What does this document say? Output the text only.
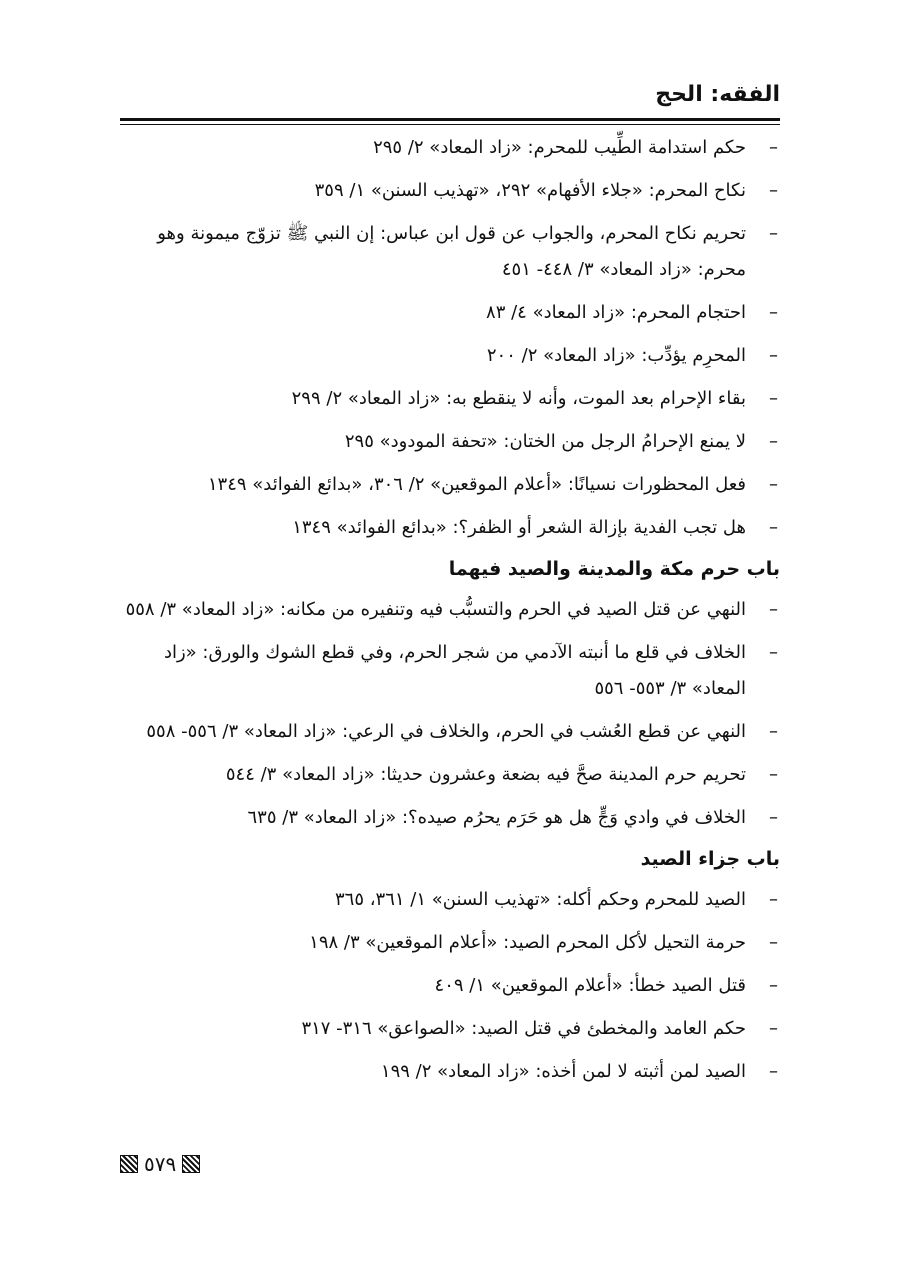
الفقه: الحج
–
حكم استدامة الطِّيب للمحرم: «زاد المعاد» ٢/ ٢٩٥
–
نكاح المحرم: «جلاء الأفهام» ٢٩٢، «تهذيب السنن» ١/ ٣٥٩
–
تحريم نكاح المحرم، والجواب عن قول ابن عباس: إن النبي ﷺ تزوّج ميمونة وهو محرم: «زاد المعاد» ٣/ ٤٤٨- ٤٥١
–
احتجام المحرم: «زاد المعاد» ٤/ ٨٣
–
المحرِم يؤدِّب: «زاد المعاد» ٢/ ٢٠٠
–
بقاء الإحرام بعد الموت، وأنه لا ينقطع به: «زاد المعاد» ٢/ ٢٩٩
–
لا يمنع الإحرامُ الرجل من الختان: «تحفة المودود» ٢٩٥
–
فعل المحظورات نسيانًا: «أعلام الموقعين» ٢/ ٣٠٦، «بدائع الفوائد» ١٣٤٩
–
هل تجب الفدية بإزالة الشعر أو الظفر؟: «بدائع الفوائد» ١٣٤٩
باب حرم مكة والمدينة والصيد فيهما
–
النهي عن قتل الصيد في الحرم والتسبُّب فيه وتنفيره من مكانه: «زاد المعاد» ٣/ ٥٥٨
–
الخلاف في قلع ما أنبته الآدمي من شجر الحرم، وفي قطع الشوك والورق: «زاد المعاد» ٣/ ٥٥٣- ٥٥٦
–
النهي عن قطع العُشب في الحرم، والخلاف في الرعي: «زاد المعاد» ٣/ ٥٥٦- ٥٥٨
–
تحريم حرم المدينة صحَّ فيه بضعة وعشرون حديثا: «زاد المعاد» ٣/ ٥٤٤
–
الخلاف في وادي وَجٍّ هل هو حَرَم يحرُم صيده؟: «زاد المعاد» ٣/ ٦٣٥
باب جزاء الصيد
–
الصيد للمحرم وحكم أكله: «تهذيب السنن» ١/ ٣٦١، ٣٦٥
–
حرمة التحيل لأكل المحرم الصيد: «أعلام الموقعين» ٣/ ١٩٨
–
قتل الصيد خطأ: «أعلام الموقعين» ١/ ٤٠٩
–
حكم العامد والمخطئ في قتل الصيد: «الصواعق» ٣١٦- ٣١٧
–
الصيد لمن أثبته لا لمن أخذه: «زاد المعاد» ٢/ ١٩٩
٥٧٩
